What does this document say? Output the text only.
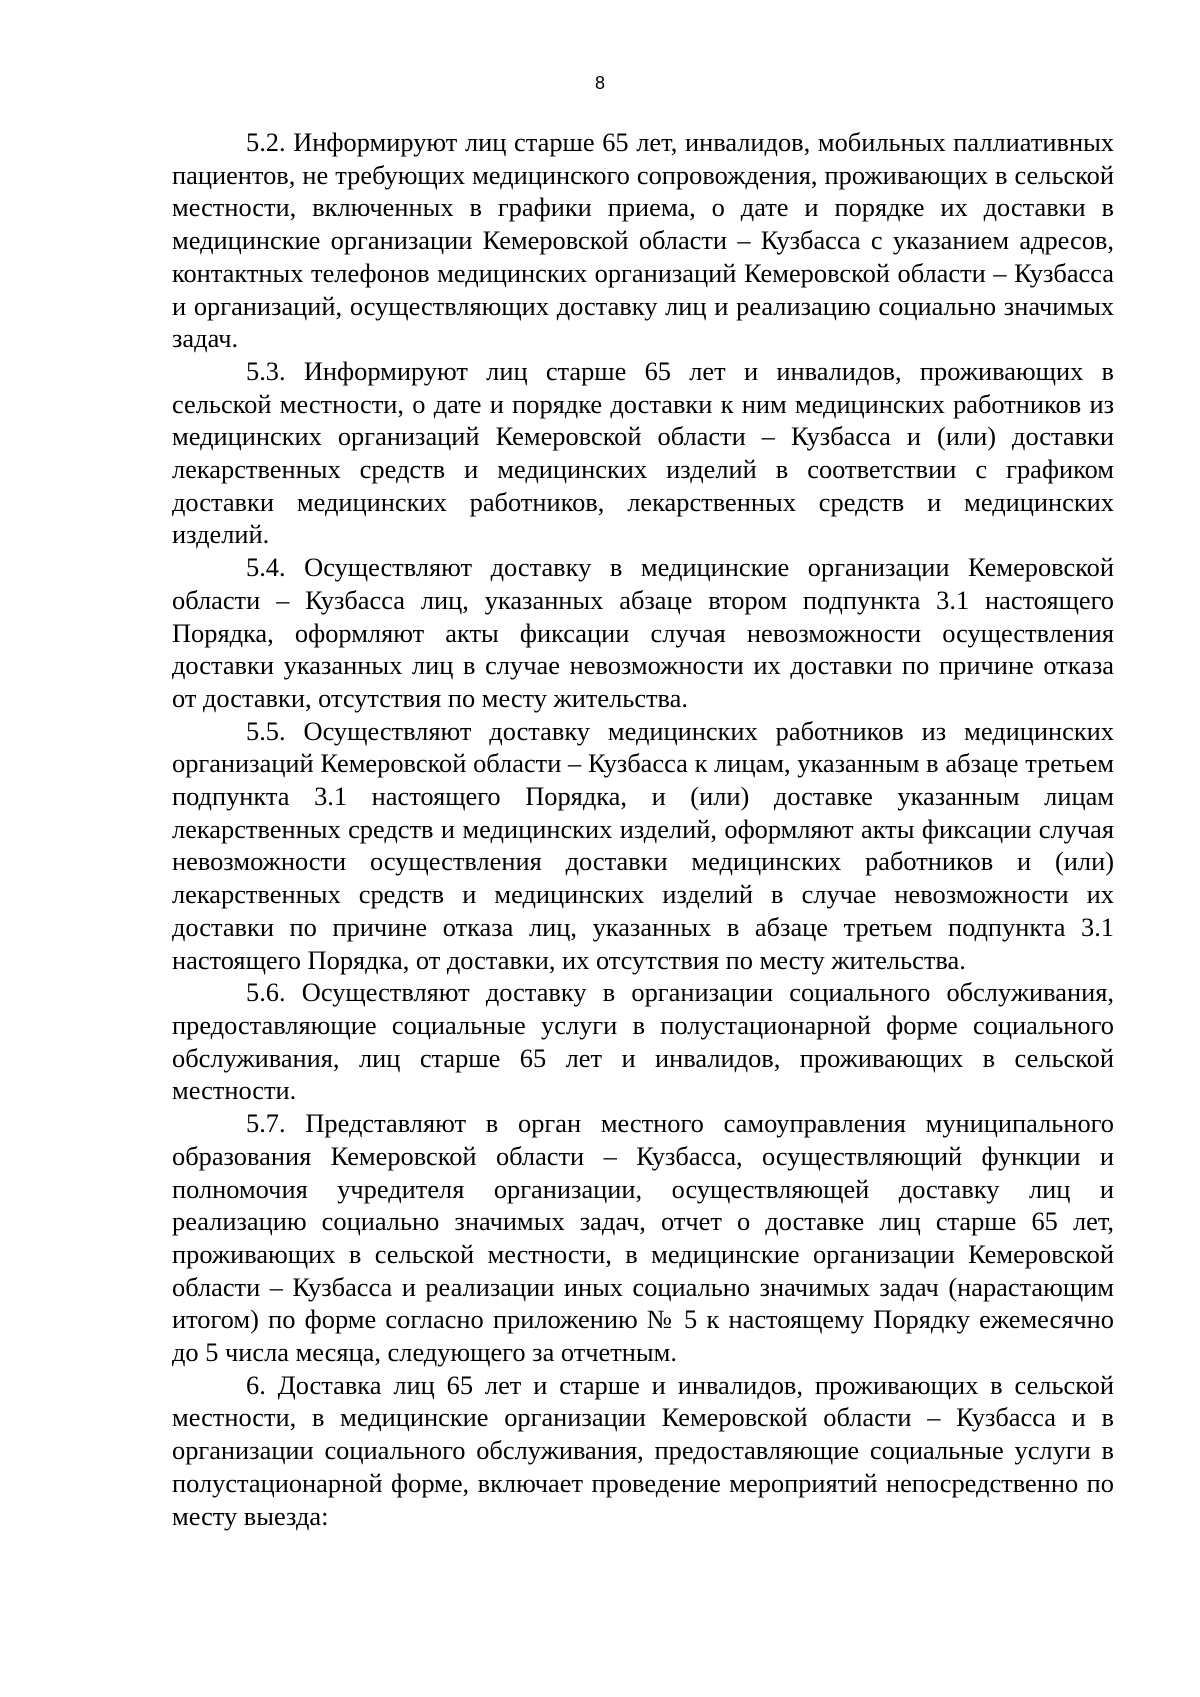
8

5.2. Информируют лиц старше 65 лет, инвалидов, мобильных паллиативных пациентов, не требующих медицинского сопровождения, проживающих в сельской местности, включенных в графики приема, о дате и порядке их доставки в медицинские организации Кемеровской области – Кузбасса с указанием адресов, контактных телефонов медицинских организаций Кемеровской области – Кузбасса и организаций, осуществляющих доставку лиц и реализацию социально значимых задач.

5.3. Информируют лиц старше 65 лет и инвалидов, проживающих в сельской местности, о дате и порядке доставки к ним медицинских работников из медицинских организаций Кемеровской области – Кузбасса и (или) доставки лекарственных средств и медицинских изделий в соответствии с графиком доставки медицинских работников, лекарственных средств и медицинских изделий.

5.4. Осуществляют доставку в медицинские организации Кемеровской области – Кузбасса лиц, указанных абзаце втором подпункта 3.1 настоящего Порядка, оформляют акты фиксации случая невозможности осуществления доставки указанных лиц в случае невозможности их доставки по причине отказа от доставки, отсутствия по месту жительства.

5.5. Осуществляют доставку медицинских работников из медицинских организаций Кемеровской области – Кузбасса к лицам, указанным в абзаце третьем подпункта 3.1 настоящего Порядка, и (или) доставке указанным лицам лекарственных средств и медицинских изделий, оформляют акты фиксации случая невозможности осуществления доставки медицинских работников и (или) лекарственных средств и медицинских изделий в случае невозможности их доставки по причине отказа лиц, указанных в абзаце третьем подпункта 3.1 настоящего Порядка, от доставки, их отсутствия по месту жительства.

5.6. Осуществляют доставку в организации социального обслуживания, предоставляющие социальные услуги в полустационарной форме социального обслуживания, лиц старше 65 лет и инвалидов, проживающих в сельской местности.

5.7. Представляют в орган местного самоуправления муниципального образования Кемеровской области – Кузбасса, осуществляющий функции и полномочия учредителя организации, осуществляющей доставку лиц и реализацию социально значимых задач, отчет о доставке лиц старше 65 лет, проживающих в сельской местности, в медицинские организации Кемеровской области – Кузбасса и реализации иных социально значимых задач (нарастающим итогом) по форме согласно приложению № 5 к настоящему Порядку ежемесячно до 5 числа месяца, следующего за отчетным.

6. Доставка лиц 65 лет и старше и инвалидов, проживающих в сельской местности, в медицинские организации Кемеровской области – Кузбасса и в организации социального обслуживания, предоставляющие социальные услуги в полустационарной форме, включает проведение мероприятий непосредственно по месту выезда:
